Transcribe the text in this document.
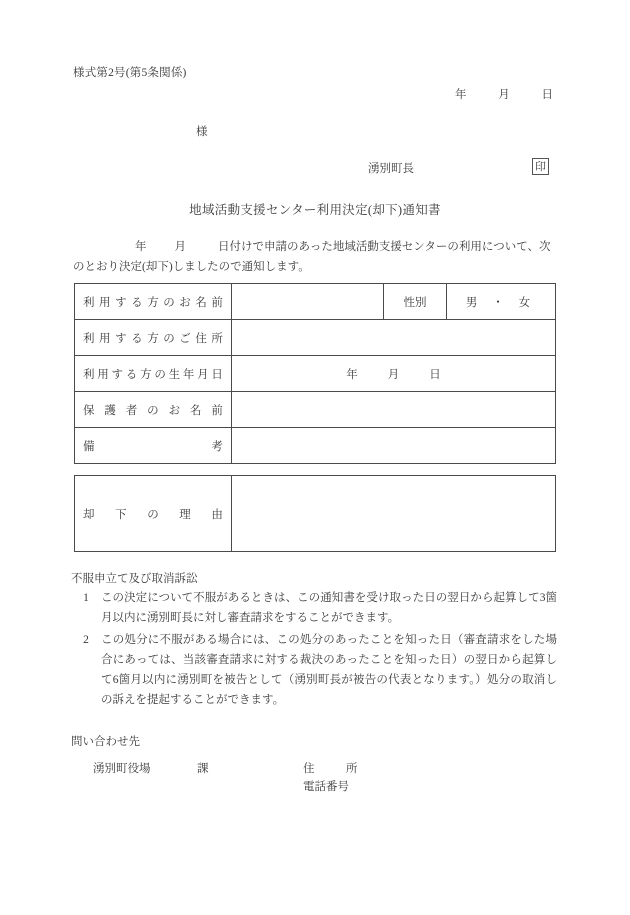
様式第2号(第5条関係)
年	月	日
様
湧別町長	印
地域活動支援センター利用決定(却下)通知書
年 月	日付けで申請のあった地域活動支援センターの利用について、次
のとおり決定(却下)しましたので通知します。
利 用 す る 方 の お 名 前		性別	男 ・ 女

利 用 す る 方 の ご 住 所

利 用 す る 方 の 生 年 月 日	年	月	日

保 護 者 の お 名 前

備 考			

却 下 の 理 由

不服申立て及び取消訴訟
1	この決定について不服があるときは、この通知書を受け取った日の翌日から起算して3箇月以内に湧別町長に対し審査請求をすることができます。
2	この処分に不服がある場合には、この処分のあったことを知った日（審査請求をした場合にあっては、当該審査請求に対する裁決のあったことを知った日）の翌日から起算して6箇月以内に湧別町を被告として（湧別町長が被告の代表となります。）処分の取消しの訴えを提起することができます。
問い合わせ先
湧別町役場	課	住　所
電話番号
